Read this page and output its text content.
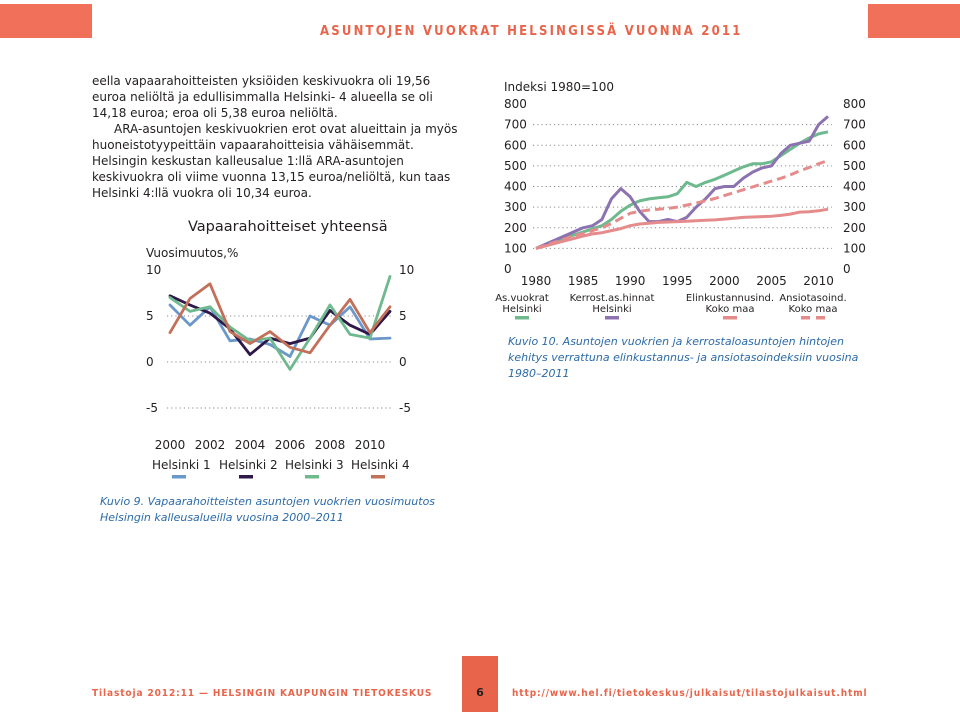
ASUNTOJEN VUOKRAT HELSINGISSÄ VUONNA 2011

eella vapaarahoitteisten yksiöiden keskivuokra oli 19,56 euroa neliöltä ja edullisimmalla Helsinki- 4 alueella se oli 14,18 euroa; eroa oli 5,38 euroa neliöltä.

ARA-asuntojen keskivuokrien erot ovat alueittain ja myös huoneistotyypeittäin vapaarahoitteisia vähäisemmät. Helsingin keskustan kalleusalue 1:llä ARA-asuntojen keskivuokra oli viime vuonna 13,15 euroa/neliöltä, kun taas Helsinki 4:llä vuokra oli 10,34 euroa.

Vapaarahoitteiset yhteensä
Vuosimuutos,%
10	10
5	5
0	0
-5	-5
2000 2002 2004 2006 2008 2010
Helsinki 1 Helsinki 2 Helsinki 3 Helsinki 4
Indeksi 1980=100
800	800
700	700
600	600
500	500
400	400
300	300
200	200
100	100
0	0
1980 1985 1990 1995 2000 2005 2010
As.vuokrat
Helsinki
Kerrost.as.hinnat
Helsinki
Elinkustannusind.
Koko maa
Ansiotasoind.
Koko maa
Kuvio 9. Vapaarahoitteisten asuntojen vuokrien vuosimuutos Helsingin kalleusalueilla vuosina 2000–2011
Kuvio 10. Asuntojen vuokrien ja kerrostaloasuntojen hintojen kehitys verrattuna elinkustannus- ja ansiotasoindeksiin vuosina 1980–2011
Tilastoja 2012:11 — HELSINGIN KAUPUNGIN TIETOKESKUS	6	http://www.hel.fi/tietokeskus/julkaisut/tilastojulkaisut.html
